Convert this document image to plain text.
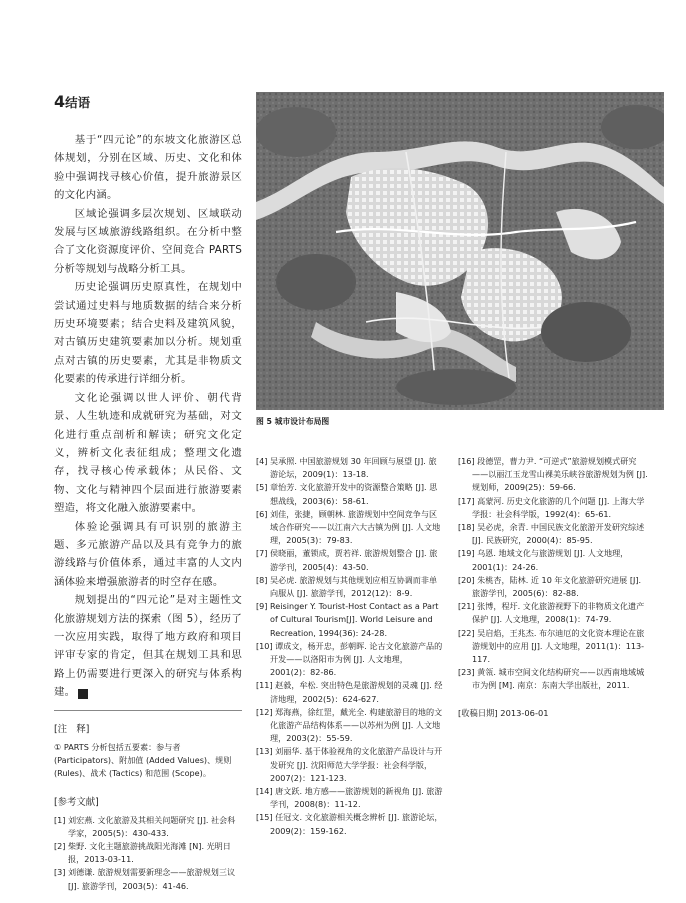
4结语

基于“四元论”的东坡文化旅游区总体规划，分别在区域、历史、文化和体验中强调找寻核心价值，提升旅游景区的文化内涵。

区域论强调多层次规划、区域联动发展与区域旅游线路组织。在分析中整合了文化资源度评价、空间竞合 PARTS 分析等规划与战略分析工具。

历史论强调历史原真性，在规划中尝试通过史料与地质数据的结合来分析历史环境要素；结合史料及建筑风貌，对古镇历史建筑要素加以分析。规划重点对古镇的历史要素，尤其是非物质文化要素的传承进行详细分析。

文化论强调以世人评价、朝代背景、人生轨迹和成就研究为基础，对文化进行重点剖析和解读；研究文化定义，辨析文化表征组成；整理文化遗存，找寻核心传承载体；从民俗、文物、文化与精神四个层面进行旅游要素塑造，将文化融入旅游要素中。

体验论强调具有可识别的旅游主题、多元旅游产品以及具有竞争力的旅游线路与价值体系，通过丰富的人文内涵体验来增强旅游者的时空存在感。

规划提出的“四元论”是对主题性文化旅游规划方法的探索（图 5），经历了一次应用实践，取得了地方政府和项目评审专家的肯定，但其在规划工具和思路上仍需要进行更深入的研究与体系构建。	D

[注　释]

① PARTS 分析包括五要素：参与者 (Participators)、附加值 (Added Values)、规则 (Rules)、战术 (Tactics) 和范围 (Scope)。

[参考文献]

[1] 刘宏燕. 文化旅游及其相关问题研究 [J]. 社会科学家，2005(5)：430-433.

[2] 柴野. 文化主题旅游挑战阳光海滩 [N]. 光明日报，2013-03-11.

[3] 刘德谦. 旅游规划需要新理念——旅游规划三议 [J]. 旅游学刊，2003(5)：41-46.

图 5 城市设计布局图

[4] 吴承照. 中国旅游规划 30 年回顾与展望 [J]. 旅游论坛，2009(1)：13-18.

[5] 章怡芳. 文化旅游开发中的资源整合策略 [J]. 思想战线，2003(6)：58-61.

[6] 刘佳，张捷，顾朝林. 旅游规划中空间竞争与区域合作研究——以江南六大古镇为例 [J]. 人文地理，2005(3)：79-83.

[7] 侯晓丽，董锁成，贾若祥. 旅游规划整合 [J]. 旅游学刊，2005(4)：43-50.

[8] 吴必虎. 旅游规划与其他规划应相互协调而非单向服从 [J]. 旅游学刊，2012(12)：8-9.

[9] Reisinger Y. Tourist-Host Contact as a Part of Cultural Tourism[J]. World Leisure and Recreation, 1994(36): 24-28.

[10] 谭成文，杨开忠，彭朝晖. 论古文化旅游产品的开发——以洛阳市为例 [J]. 人文地理，2001(2)：82-86.

[11] 赵毅，牟松. 突出特色是旅游规划的灵魂 [J]. 经济地理，2002(5)：624-627.

[12] 郑海燕，徐红罡，戴光全. 构建旅游目的地的文化旅游产品结构体系——以苏州为例 [J]. 人文地理，2003(2)：55-59.

[13] 刘丽华. 基于体验视角的文化旅游产品设计与开发研究 [J]. 沈阳师范大学学报：社会科学版，2007(2)：121-123.

[14] 唐文跃. 地方感——旅游规划的新视角 [J]. 旅游学刊，2008(8)：11-12.

[15] 任冠文. 文化旅游相关概念辨析 [J]. 旅游论坛，2009(2)：159-162.

[16] 段德罡，曹力尹. “可逆式”旅游规划模式研究——以丽江玉龙雪山裸美乐峡谷旅游规划为例 [J]. 规划师，2009(25)：59-66.

[17] 高蒙河. 历史文化旅游的几个问题 [J]. 上海大学学报：社会科学版，1992(4)：65-61.

[18] 吴必虎，余青. 中国民族文化旅游开发研究综述 [J]. 民族研究，2000(4)：85-95.

[19] 乌恩. 地域文化与旅游规划 [J]. 人文地理，2001(1)：24-26.

[20] 朱桃杏，陆林. 近 10 年文化旅游研究进展 [J]. 旅游学刊，2005(6)：82-88.

[21] 张博，程圩. 文化旅游视野下的非物质文化遗产保护 [J]. 人文地理，2008(1)：74-79.

[22] 吴启焰，王兆杰. 布尔迪厄的文化资本理论在旅游规划中的应用 [J]. 人文地理，2011(1)：113-117.

[23] 黄瓴. 城市空间文化结构研究——以西南地域城市为例 [M]. 南京：东南大学出版社，2011.

[收稿日期] 2013-06-01
